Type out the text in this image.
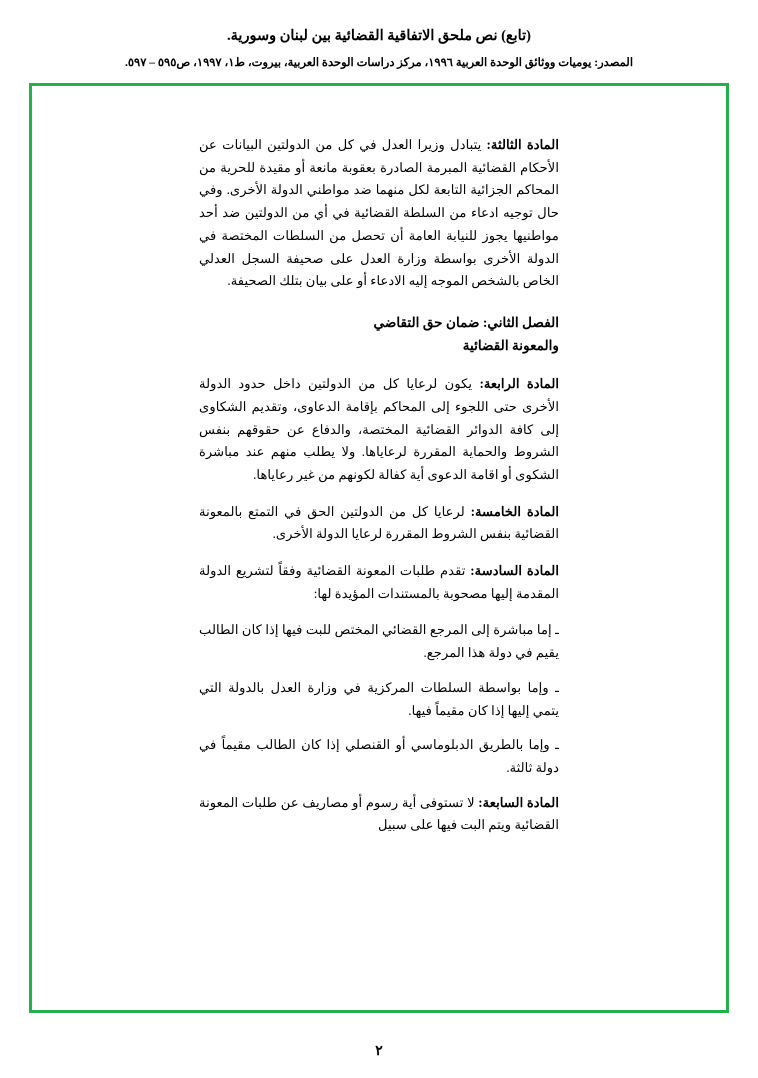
(تابع) نص ملحق الاتفاقية القضائية بين لبنان وسورية.
المصدر: يوميات ووثائق الوحدة العربية ١٩٩٦، مركز دراسات الوحدة العربية، بيروت، ط١، ١٩٩٧، ص٥٩٥ – ٥٩٧.

المادة الثالثة: يتبادل وزيرا العدل في كل من الدولتين البيانات عن الأحكام القضائية المبرمة الصادرة بعقوبة مانعة أو مقيدة للحرية من المحاكم الجزائية التابعة لكل منهما ضد مواطني الدولة الأخرى. وفي حال توجيه ادعاء من السلطة القضائية في أي من الدولتين ضد أحد مواطنيها يجوز للنيابة العامة أن تحصل من السلطات المختصة في الدولة الأخرى بواسطة وزارة العدل على صحيفة السجل العدلي الخاص بالشخص الموجه إليه الادعاء أو على بيان بتلك الصحيفة.

الفصل الثاني: ضمان حق التقاضي
والمعونة القضائية

المادة الرابعة: يكون لرعايا كل من الدولتين داخل حدود الدولة الأخرى حتى اللجوء إلى المحاكم بإقامة الدعاوى، وتقديم الشكاوى إلى كافة الدوائر القضائية المختصة، والدفاع عن حقوقهم بنفس الشروط والحماية المقررة لرعاياها. ولا يطلب منهم عند مباشرة الشكوى أو اقامة الدعوى أية كفالة لكونهم من غير رعاياها.

المادة الخامسة: لرعايا كل من الدولتين الحق في التمتع بالمعونة القضائية بنفس الشروط المقررة لرعايا الدولة الأخرى.

المادة السادسة: تقدم طلبات المعونة القضائية وفقاً لتشريع الدولة المقدمة إليها مصحوبة بالمستندات المؤيدة لها:

ـ إما مباشرة إلى المرجع القضائي المختص للبت فيها إذا كان الطالب يقيم في دولة هذا المرجع.

ـ وإما بواسطة السلطات المركزية في وزارة العدل بالدولة التي يتمي إليها إذا كان مقيماً فيها.

ـ وإما بالطريق الدبلوماسي أو القنصلي إذا كان الطالب مقيماً في دولة ثالثة.

المادة السابعة: لا تستوفى أية رسوم أو مصاريف عن طلبات المعونة القضائية ويتم البت فيها على سبيل

٢
